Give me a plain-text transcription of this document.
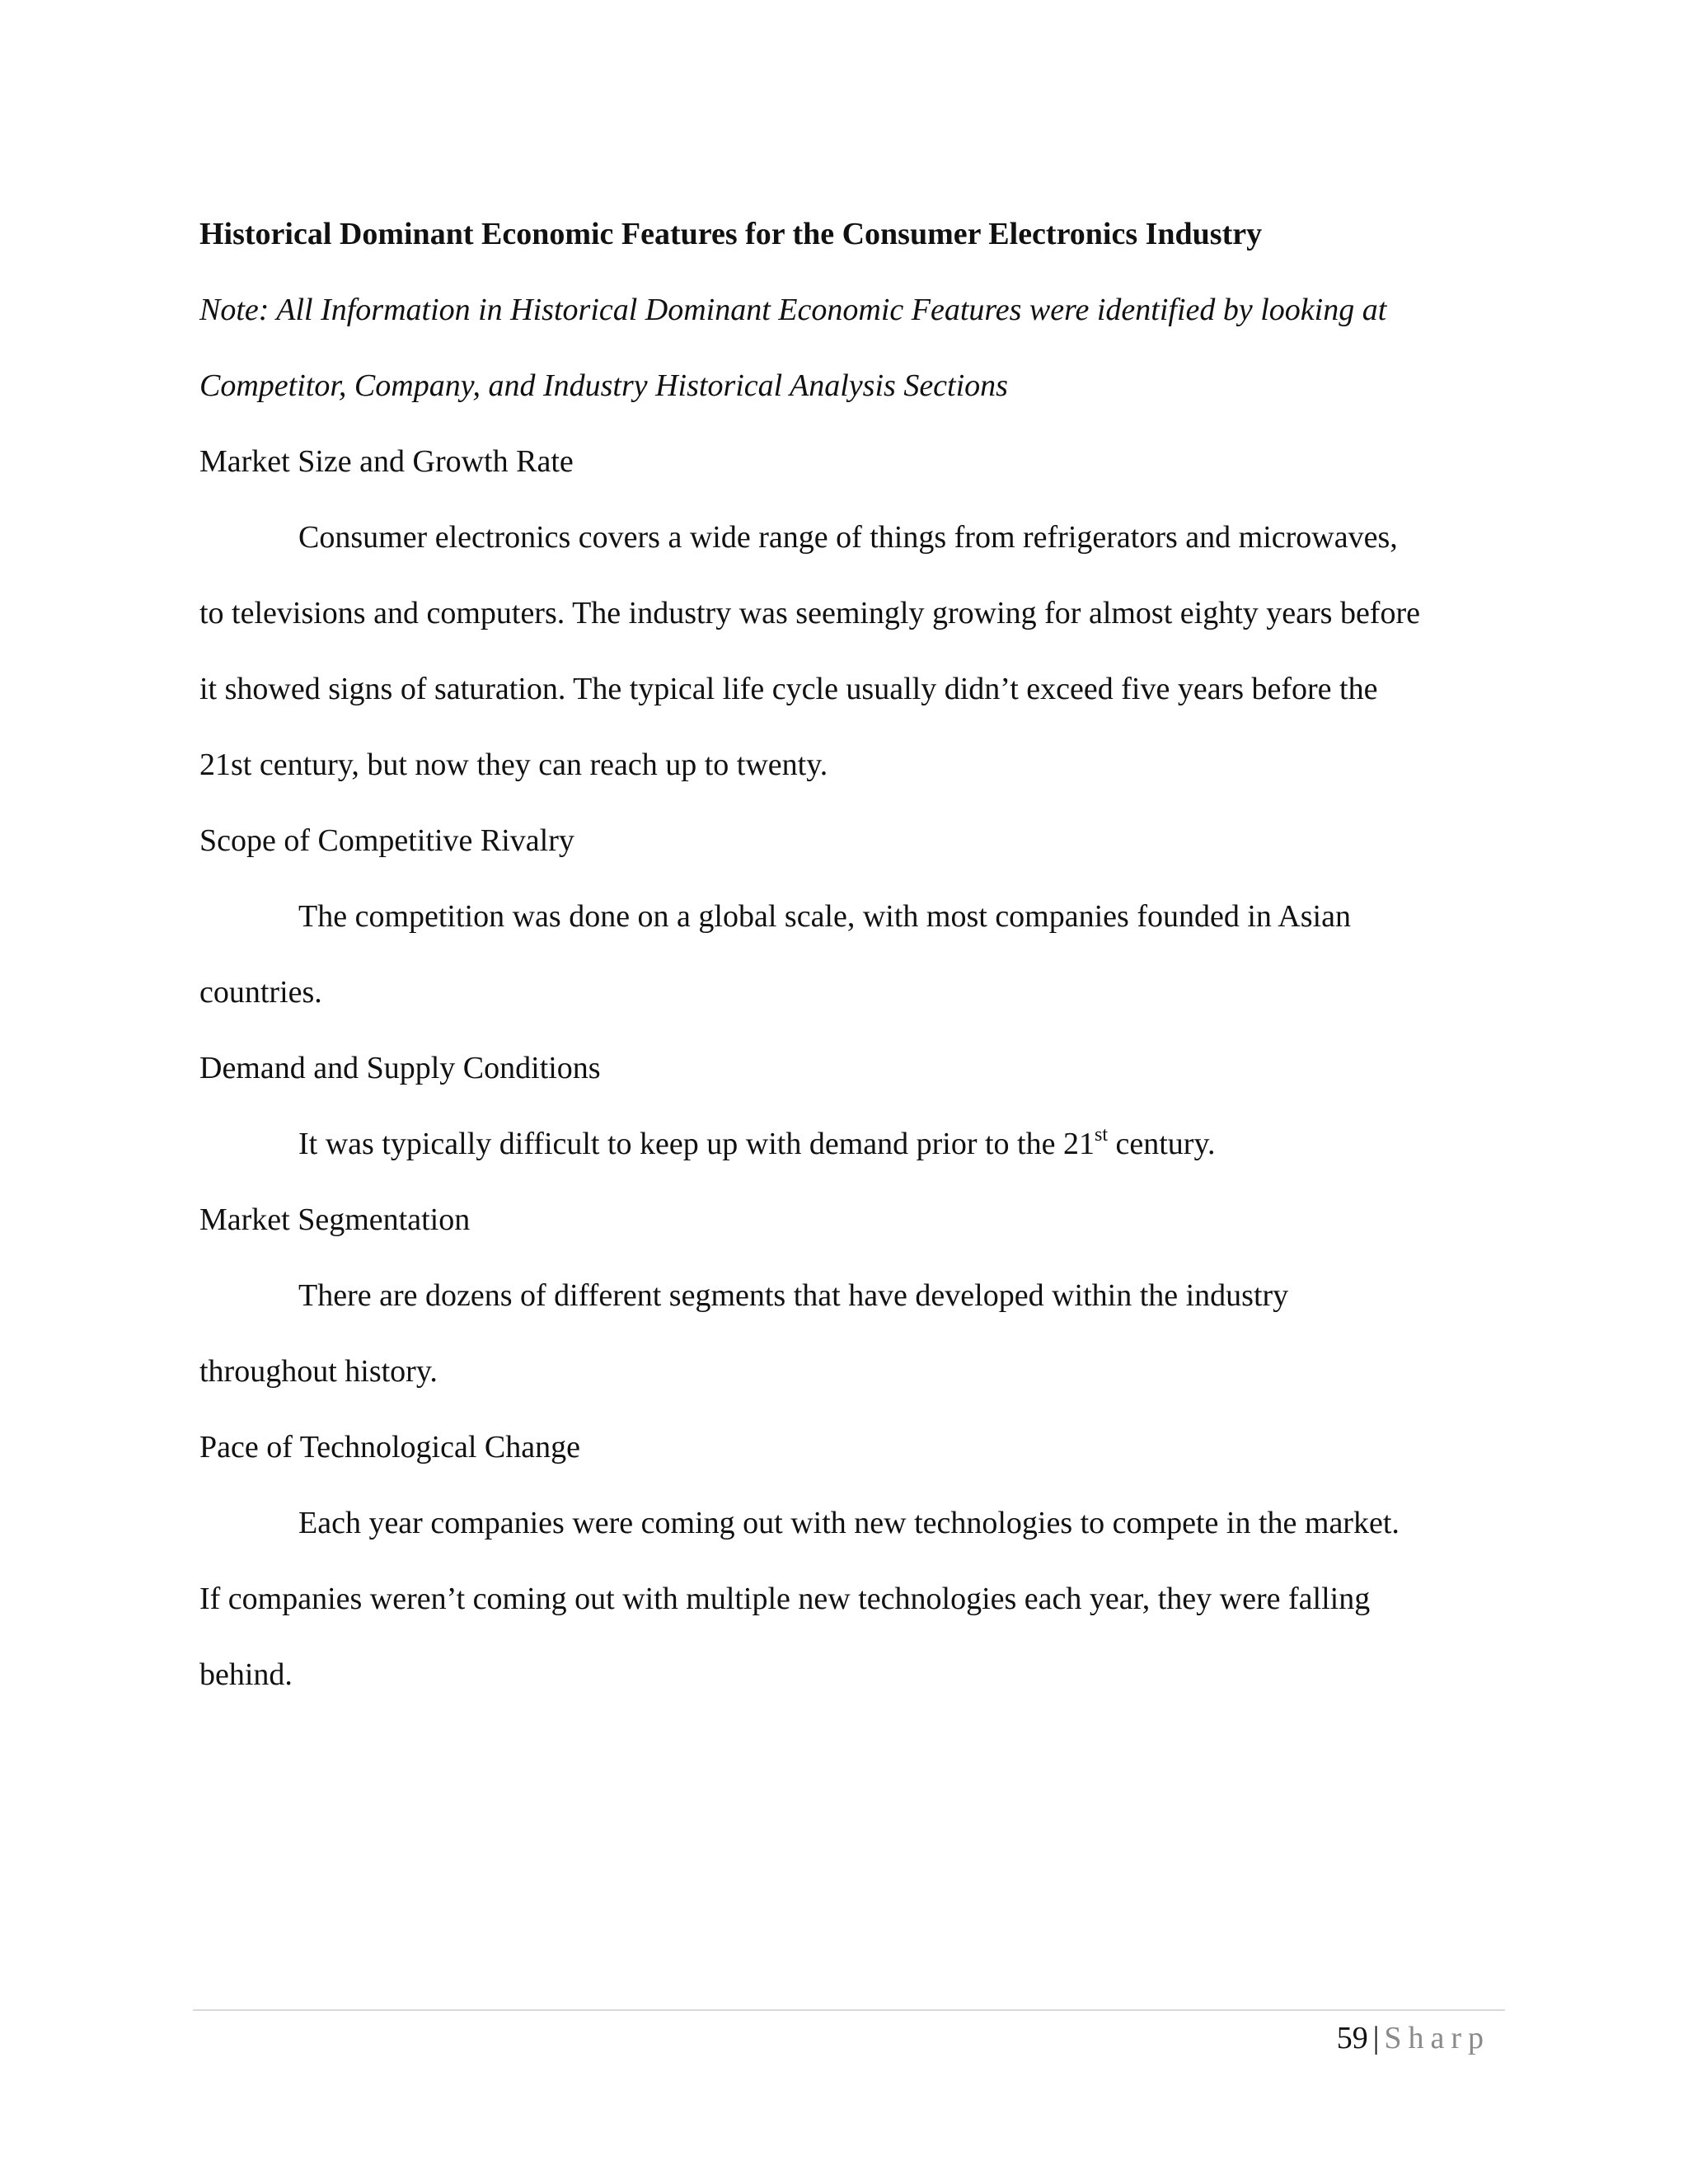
Historical Dominant Economic Features for the Consumer Electronics Industry
Note: All Information in Historical Dominant Economic Features were identified by looking at
Competitor, Company, and Industry Historical Analysis Sections
Market Size and Growth Rate
Consumer electronics covers a wide range of things from refrigerators and microwaves,
to televisions and computers. The industry was seemingly growing for almost eighty years before
it showed signs of saturation. The typical life cycle usually didn’t exceed five years before the
21st century, but now they can reach up to twenty.
Scope of Competitive Rivalry
The competition was done on a global scale, with most companies founded in Asian
countries.
Demand and Supply Conditions
It was typically difficult to keep up with demand prior to the 21st century.
Market Segmentation
There are dozens of different segments that have developed within the industry
throughout history.
Pace of Technological Change
Each year companies were coming out with new technologies to compete in the market.
If companies weren’t coming out with multiple new technologies each year, they were falling
behind.
59 | Sharp
